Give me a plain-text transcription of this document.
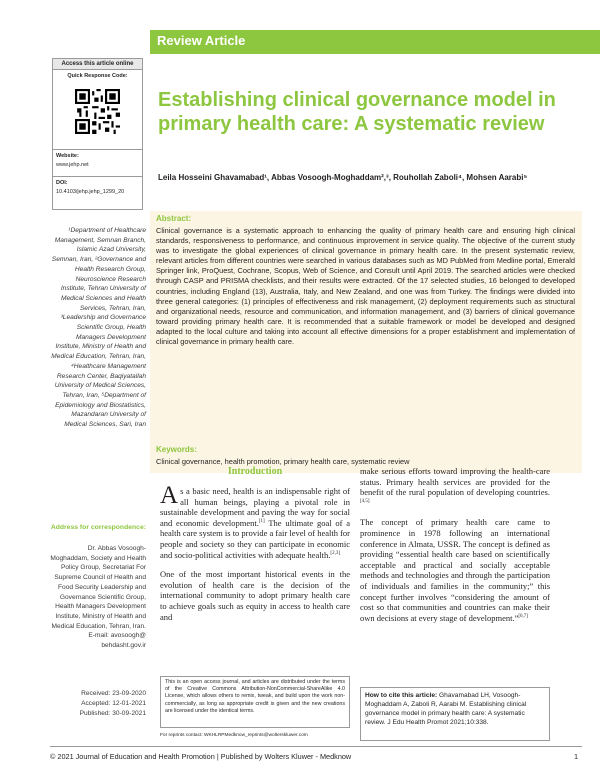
Review Article
Access this article online
Quick Response Code:
Website:
www.jehp.net
DOI:
10.4103/jehp.jehp_1299_20
Establishing clinical governance model in primary health care: A systematic review
Leila Hosseini Ghavamabad¹, Abbas Vosoogh-Moghaddam²,³, Rouhollah Zaboli⁴, Mohsen Aarabi⁵
Abstract:
Clinical governance is a systematic approach to enhancing the quality of primary health care and ensuring high clinical standards, responsiveness to performance, and continuous improvement in service quality. The objective of the current study was to investigate the global experiences of clinical governance in primary health care. In the present systematic review, relevant articles from different countries were searched in various databases such as MD PubMed from Medline portal, Emerald Springer link, ProQuest, Cochrane, Scopus, Web of Science, and Consult until April 2019. The searched articles were checked through CASP and PRISMA checklists, and their results were extracted. Of the 17 selected studies, 16 belonged to developed countries, including England (13), Australia, Italy, and New Zealand, and one was from Turkey. The findings were divided into three general categories: (1) principles of effectiveness and risk management, (2) deployment requirements such as structural and organizational needs, resource and communication, and information management, and (3) barriers of clinical governance toward providing primary health care. It is recommended that a suitable framework or model be developed and designed adapted to the local culture and taking into account all effective dimensions for a proper establishment and implementation of clinical governance in primary health care.
Keywords:
Clinical governance, health promotion, primary health care, systematic review
¹Department of Healthcare Management, Semnan Branch, Islamic Azad University, Semnan, Iran, ²Governance and Health Research Group, Neuroscience Research Institute, Tehran University of Medical Sciences and Health Services, Tehran, Iran, ³Leadership and Governance Scientific Group, Health Managers Development Institute, Ministry of Health and Medical Education, Tehran, Iran, ⁴Healthcare Management Research Center, Baqiyatallah University of Medical Sciences, Tehran, Iran, ⁵Department of Epidemiology and Biostatistics, Mazandaran University of Medical Sciences, Sari, Iran
Address for correspondence:
Dr. Abbas Vosoogh-Moghaddam, Society and Health Policy Group, Secretariat For Supreme Council of Health and Food Security Leadership and Governance Scientific Group, Health Managers Development Institute, Ministry of Health and Medical Education, Tehran, Iran. E-mail: avosoogh@ behdasht.gov.ir
Received: 23-09-2020
Accepted: 12-01-2021
Published: 30-09-2021
Introduction

As a basic need, health is an indispensable right of all human beings, playing a pivotal role in sustainable development and paving the way for social and economic development.[1] The ultimate goal of a health care system is to provide a fair level of health for people and society so they can participate in economic and socio-political activities with adequate health.[2,3]

One of the most important historical events in the evolution of health care is the decision of the international community to adopt primary health care to achieve goals such as equity in access to health care and

make serious efforts toward improving the health-care status. Primary health services are provided for the benefit of the rural population of developing countries.[4,5]

The concept of primary health care came to prominence in 1978 following an international conference in Almata, USSR. The concept is defined as providing “essential health care based on scientifically acceptable and practical and socially acceptable methods and technologies and through the participation of individuals and families in the community;” this concept further involves “considering the amount of cost so that communities and countries can make their own decisions at every stage of development.”[6,7]

This is an open access journal, and articles are distributed under the terms of the Creative Commons Attribution-NonCommercial-ShareAlike 4.0 License, which allows others to remix, tweak, and build upon the work non-commercially, as long as appropriate credit is given and the new creations are licensed under the identical terms.
For reprints contact: WKHLRPMedknow_reprints@wolterskluwer.com
How to cite this article: Ghavamabad LH, Vosoogh-Moghaddam A, Zaboli R, Aarabi M. Establishing clinical governance model in primary health care: A systematic review. J Edu Health Promot 2021;10:338.
© 2021 Journal of Education and Health Promotion | Published by Wolters Kluwer - Medknow	1
